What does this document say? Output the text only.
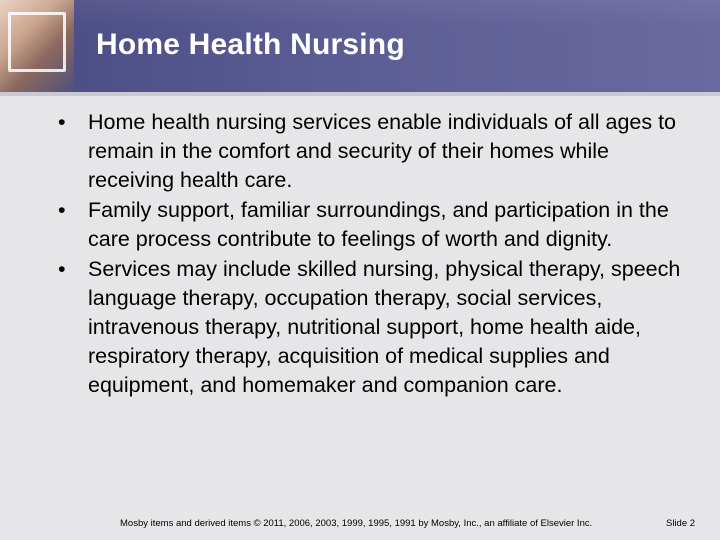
Home Health Nursing
• Home health nursing services enable individuals of all ages to remain in the comfort and security of their homes while receiving health care.
• Family support, familiar surroundings, and participation in the care process contribute to feelings of worth and dignity.
• Services may include skilled nursing, physical therapy, speech language therapy, occupation therapy, social services, intravenous therapy, nutritional support, home health aide, respiratory therapy, acquisition of medical supplies and equipment, and homemaker and companion care.
Mosby items and derived items © 2011, 2006, 2003, 1999, 1995, 1991 by Mosby, Inc., an affiliate of Elsevier Inc.	Slide 2
